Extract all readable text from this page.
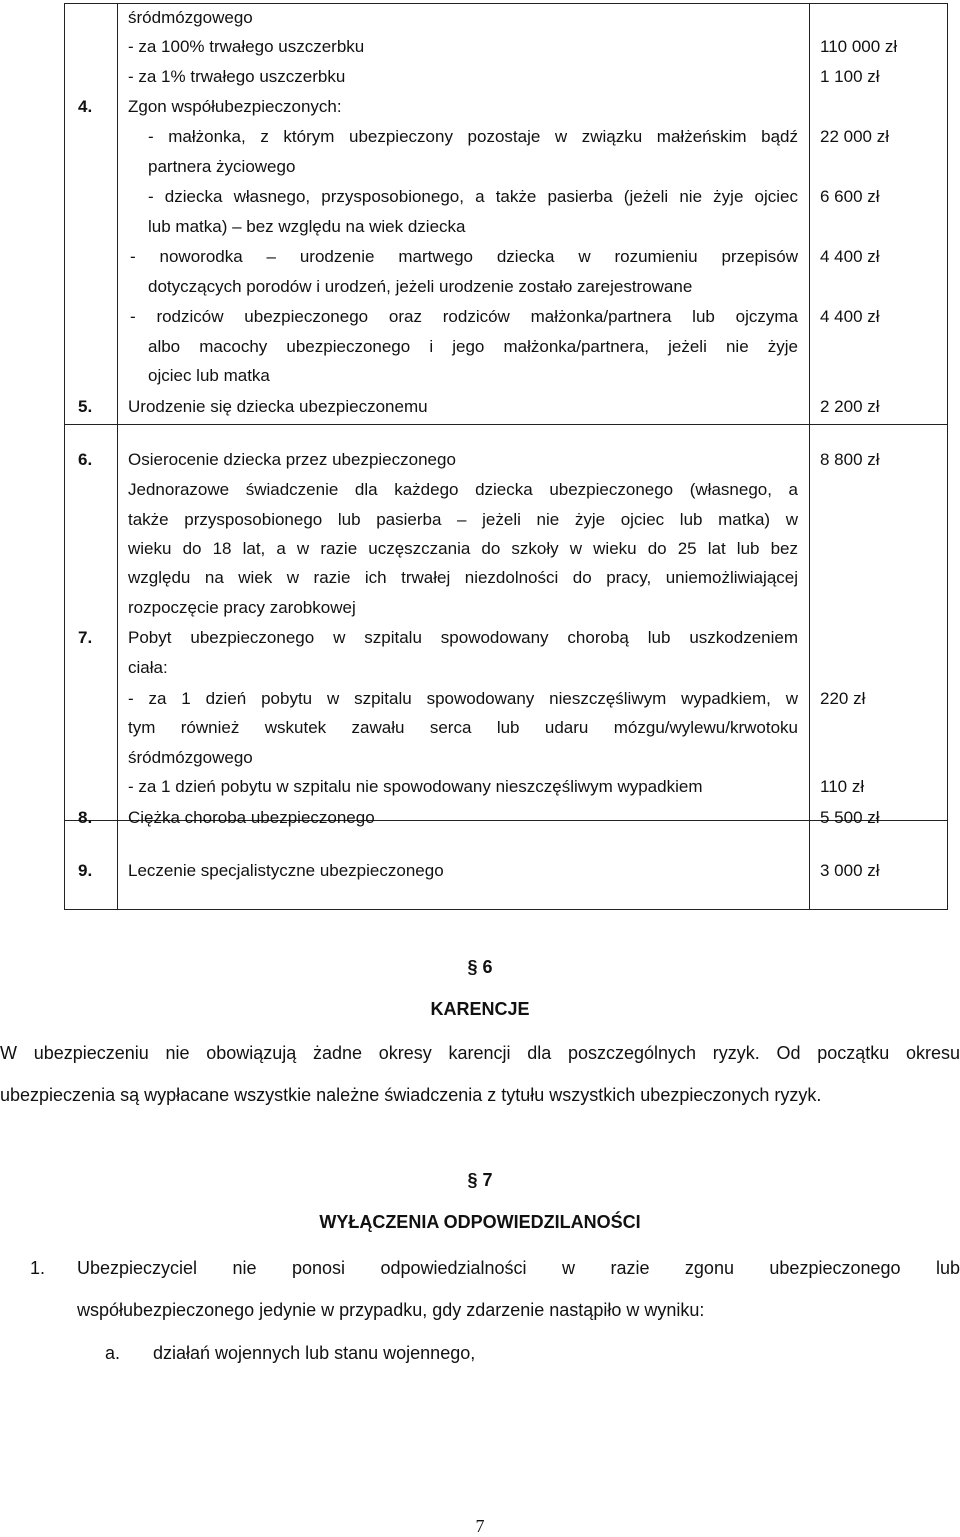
śródmózgowego
- za 100% trwałego uszczerbku	110 000 zł
- za 1% trwałego uszczerbku	1 100 zł
4. Zgon współubezpieczonych:
- małżonka, z którym ubezpieczony pozostaje w związku małżeńskim bądź 22 000 zł
partnera życiowego
- dziecka własnego, przysposobionego, a także pasierba (jeżeli nie żyje ojciec 6 600 zł
lub matka) – bez względu na wiek dziecka
- noworodka – urodzenie martwego dziecka w rozumieniu przepisów 4 400 zł
dotyczących porodów i urodzeń, jeżeli urodzenie zostało zarejestrowane
- rodziców ubezpieczonego oraz rodziców małżonka/partnera lub ojczyma 4 400 zł
albo macochy ubezpieczonego i jego małżonka/partnera, jeżeli nie żyje
ojciec lub matka
5. Urodzenie się dziecka ubezpieczonemu	2 200 zł
6. Osierocenie dziecka przez ubezpieczonego	8 800 zł
Jednorazowe świadczenie dla każdego dziecka ubezpieczonego (własnego, a
także przysposobionego lub pasierba – jeżeli nie żyje ojciec lub matka) w
wieku do 18 lat, a w razie uczęszczania do szkoły w wieku do 25 lat lub bez
względu na wiek w razie ich trwałej niezdolności do pracy, uniemożliwiającej
rozpoczęcie pracy zarobkowej
7. Pobyt ubezpieczonego w szpitalu spowodowany chorobą lub uszkodzeniem
ciała:
- za 1 dzień pobytu w szpitalu spowodowany nieszczęśliwym wypadkiem, w 220 zł
tym również wskutek zawału serca lub udaru mózgu/wylewu/krwotoku
śródmózgowego
- za 1 dzień pobytu w szpitalu nie spowodowany nieszczęśliwym wypadkiem	110 zł
8. Ciężka choroba ubezpieczonego	5 500 zł
9. Leczenie specjalistyczne ubezpieczonego	3 000 zł
§ 6
KARENCJE
W ubezpieczeniu nie obowiązują żadne okresy karencji dla poszczególnych ryzyk. Od początku okresu
ubezpieczenia są wypłacane wszystkie należne świadczenia z tytułu wszystkich ubezpieczonych ryzyk.
§ 7
WYŁĄCZENIA ODPOWIEDZILANOŚCI
1. Ubezpieczyciel nie ponosi odpowiedzialności w razie zgonu ubezpieczonego lub
współubezpieczonego jedynie w przypadku, gdy zdarzenie nastąpiło w wyniku:
a. działań wojennych lub stanu wojennego,
7
